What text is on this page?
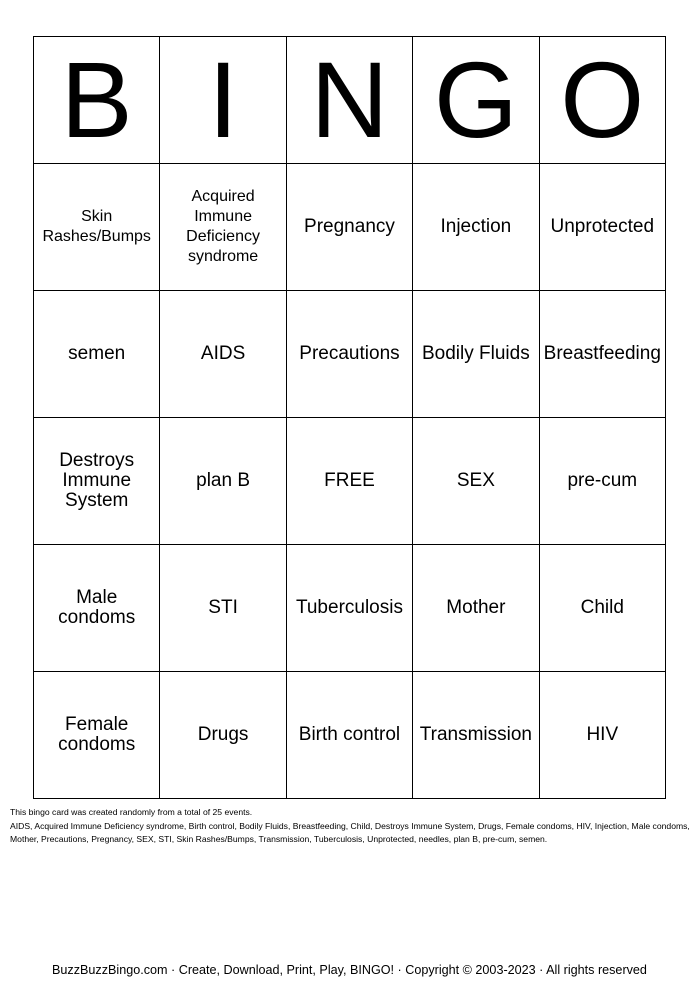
B	I	N	G	O
Skin Rashes/Bumps	Acquired Immune Deficiency syndrome	Pregnancy	Injection	Unprotected
semen	AIDS	Precautions	Bodily Fluids	Breastfeeding
Destroys Immune System	plan B	FREE	SEX	pre-cum
Male condoms	STI	Tuberculosis	Mother	Child
Female condoms	Drugs	Birth control	Transmission	HIV
This bingo card was created randomly from a total of 25 events.
AIDS, Acquired Immune Deficiency syndrome, Birth control, Bodily Fluids, Breastfeeding, Child, Destroys Immune System, Drugs, Female condoms, HIV, Injection, Male condoms, Mother, Precautions, Pregnancy, SEX, STI, Skin Rashes/Bumps, Transmission, Tuberculosis, Unprotected, needles, plan B, pre-cum, semen.
BuzzBuzzBingo.com · Create, Download, Print, Play, BINGO! · Copyright © 2003-2023 · All rights reserved
